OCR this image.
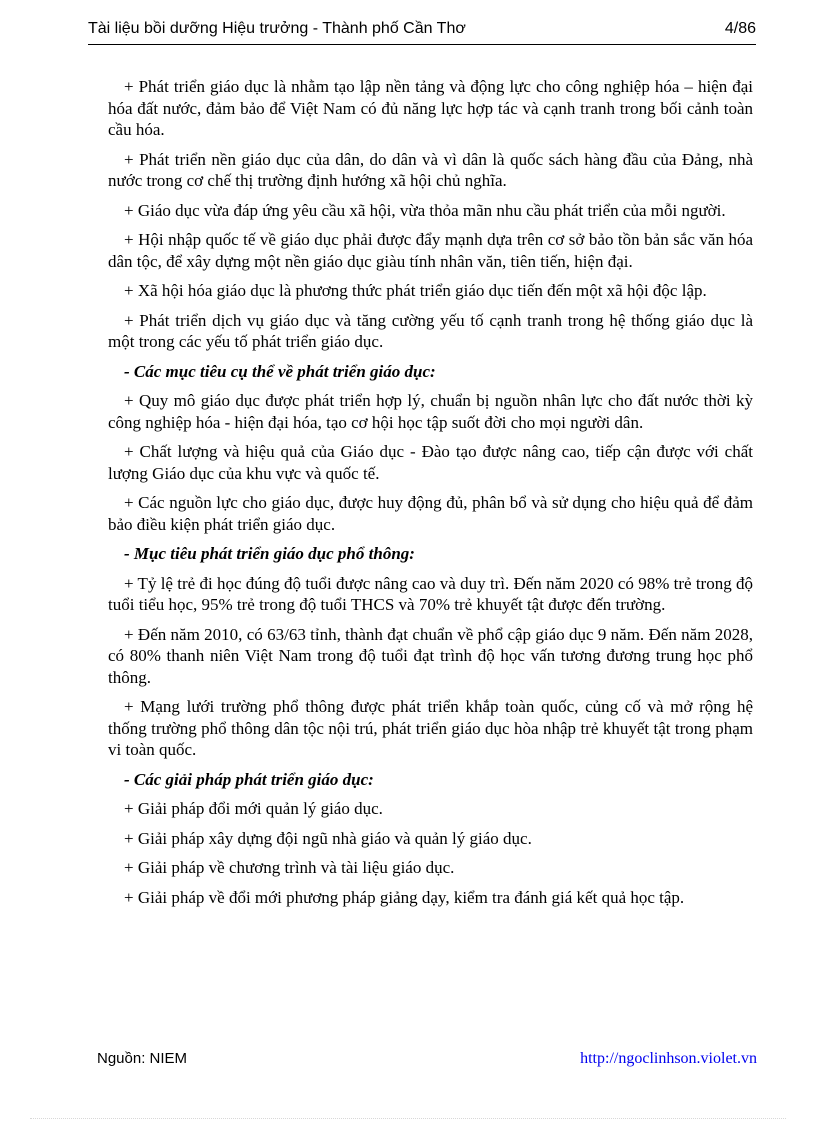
Tài liệu bồi dưỡng Hiệu trưởng - Thành phố Cần Thơ	4/86

+ Phát triển giáo dục là nhằm tạo lập nền tảng và động lực cho công nghiệp hóa – hiện đại hóa đất nước, đảm bảo để Việt Nam có đủ năng lực hợp tác và cạnh tranh trong bối cảnh toàn cầu hóa.

+ Phát triển nền giáo dục của dân, do dân và vì dân là quốc sách hàng đầu của Đảng, nhà nước trong cơ chế thị trường định hướng xã hội chủ nghĩa.

+ Giáo dục vừa đáp ứng yêu cầu xã hội, vừa thỏa mãn nhu cầu phát triển của mỗi người.

+ Hội nhập quốc tế về giáo dục phải được đẩy mạnh dựa trên cơ sở bảo tồn bản sắc văn hóa dân tộc, để xây dựng một nền giáo dục giàu tính nhân văn, tiên tiến, hiện đại.

+ Xã hội hóa giáo dục là phương thức phát triển giáo dục tiến đến một xã hội độc lập.

+ Phát triển dịch vụ giáo dục và tăng cường yếu tố cạnh tranh trong hệ thống giáo dục là một trong các yếu tố phát triển giáo dục.

- Các mục tiêu cụ thể về phát triển giáo dục:

+ Quy mô giáo dục được phát triển hợp lý, chuẩn bị nguồn nhân lực cho đất nước thời kỳ công nghiệp hóa - hiện đại hóa, tạo cơ hội học tập suốt đời cho mọi người dân.

+ Chất lượng và hiệu quả của Giáo dục - Đào tạo được nâng cao, tiếp cận được với chất lượng Giáo dục của khu vực và quốc tế.

+ Các nguồn lực cho giáo dục, được huy động đủ, phân bổ và sử dụng cho hiệu quả để đảm bảo điều kiện phát triển giáo dục.

- Mục tiêu phát triển giáo dục phổ thông:

+ Tỷ lệ trẻ đi học đúng độ tuổi được nâng cao và duy trì. Đến năm 2020 có 98% trẻ trong độ tuổi tiểu học, 95% trẻ trong độ tuổi THCS và 70% trẻ khuyết tật được đến trường.

+ Đến năm 2010, có 63/63 tỉnh, thành đạt chuẩn về phổ cập giáo dục 9 năm. Đến năm 2028, có 80% thanh niên Việt Nam trong độ tuổi đạt trình độ học vấn tương đương trung học phổ thông.

+ Mạng lưới trường phổ thông được phát triển khắp toàn quốc, củng cố và mở rộng hệ thống trường phổ thông dân tộc nội trú, phát triển giáo dục hòa nhập trẻ khuyết tật trong phạm vi toàn quốc.

- Các giải pháp phát triển giáo dục:

+ Giải pháp đổi mới quản lý giáo dục.

+ Giải pháp xây dựng đội ngũ nhà giáo và quản lý giáo dục.

+ Giải pháp về chương trình và tài liệu giáo dục.

+ Giải pháp về đổi mới phương pháp giảng dạy, kiểm tra đánh giá kết quả học tập.

Nguồn: NIEM	http://ngoclinhson.violet.vn
